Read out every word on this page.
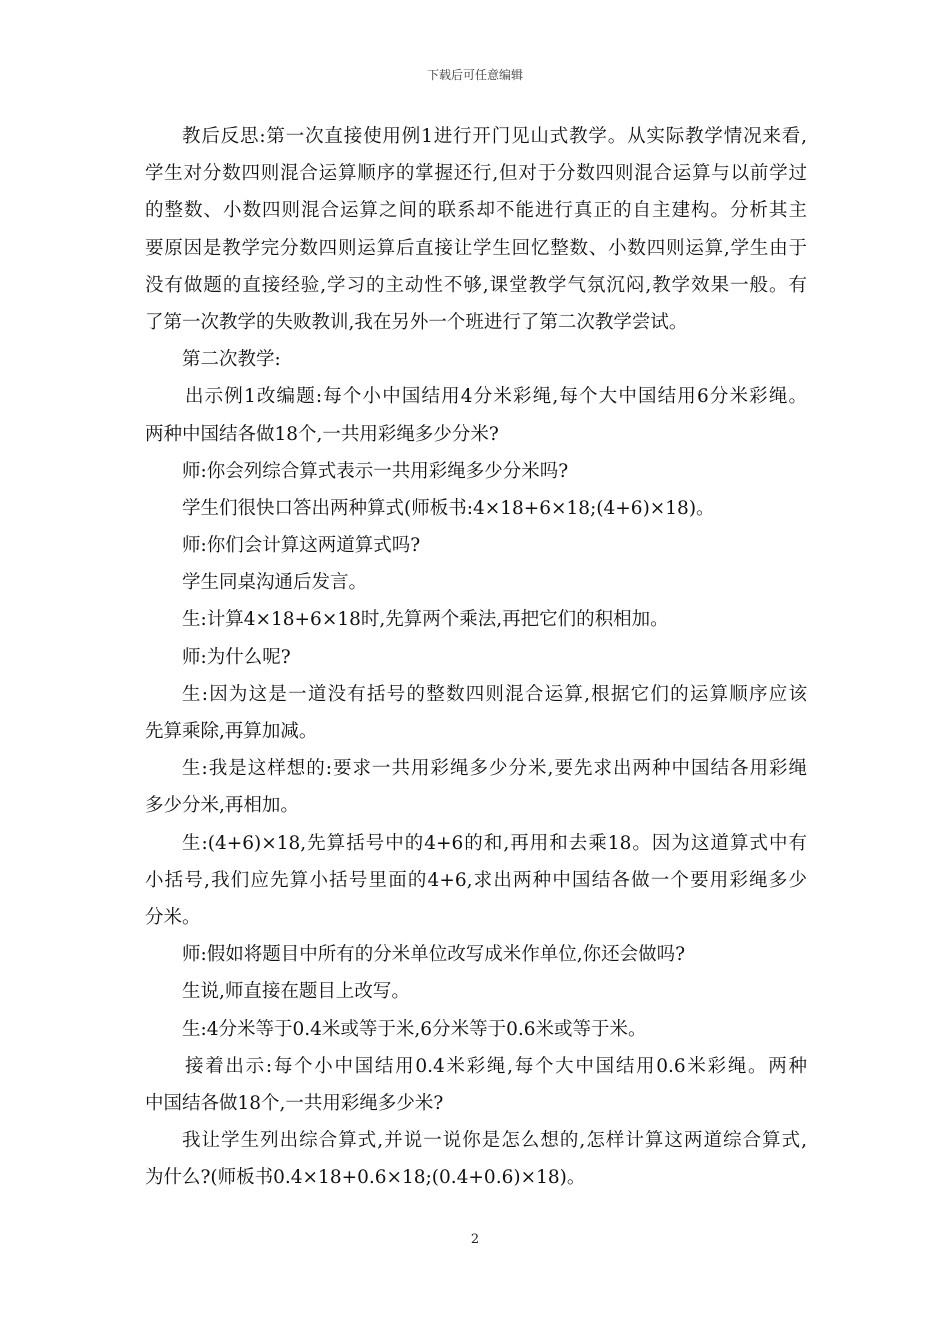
下载后可任意编辑
教后反思:第一次直接使用例1进行开门见山式教学。从实际教学情况来看,
学生对分数四则混合运算顺序的掌握还行,但对于分数四则混合运算与以前学过
的整数、小数四则混合运算之间的联系却不能进行真正的自主建构。分析其主
要原因是教学完分数四则运算后直接让学生回忆整数、小数四则运算,学生由于
没有做题的直接经验,学习的主动性不够,课堂教学气氛沉闷,教学效果一般。有
了第一次教学的失败教训,我在另外一个班进行了第二次教学尝试。
第二次教学:
出示例1改编题:每个小中国结用4分米彩绳,每个大中国结用6分米彩绳。
两种中国结各做18个,一共用彩绳多少分米?
师:你会列综合算式表示一共用彩绳多少分米吗?
学生们很快口答出两种算式(师板书:4×18+6×18;(4+6)×18)。
师:你们会计算这两道算式吗?
学生同桌沟通后发言。
生:计算4×18+6×18时,先算两个乘法,再把它们的积相加。
师:为什么呢?
生:因为这是一道没有括号的整数四则混合运算,根据它们的运算顺序应该
先算乘除,再算加减。
生:我是这样想的:要求一共用彩绳多少分米,要先求出两种中国结各用彩绳
多少分米,再相加。
生:(4+6)×18,先算括号中的4+6的和,再用和去乘18。因为这道算式中有
小括号,我们应先算小括号里面的4+6,求出两种中国结各做一个要用彩绳多少
分米。
师:假如将题目中所有的分米单位改写成米作单位,你还会做吗?
生说,师直接在题目上改写。
生:4分米等于0.4米或等于米,6分米等于0.6米或等于米。
接着出示:每个小中国结用0.4米彩绳,每个大中国结用0.6米彩绳。两种
中国结各做18个,一共用彩绳多少米?
我让学生列出综合算式,并说一说你是怎么想的,怎样计算这两道综合算式,
为什么?(师板书0.4×18+0.6×18;(0.4+0.6)×18)。
2
